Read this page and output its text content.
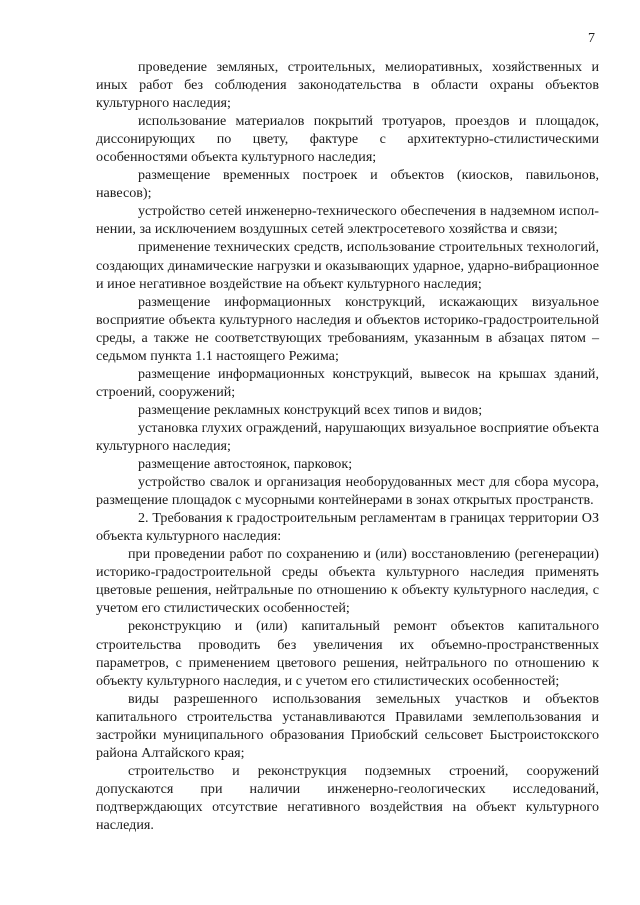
7

проведение земляных, строительных, мелиоративных, хозяйственных и иных работ без соблюдения законодательства в области охраны объектов культурного наследия;

использование материалов покрытий тротуаров, проездов и площадок, диссонирующих по цвету, фактуре с архитектурно-стилистическими особенностями объекта культурного наследия;

размещение временных построек и объектов (киосков, павильонов, навесов);

устройство сетей инженерно-технического обеспечения в надземном исполнении, за исключением воздушных сетей электросетевого хозяйства и связи;

применение технических средств, использование строительных технологий, создающих динамические нагрузки и оказывающих ударное, ударно-вибрационное и иное негативное воздействие на объект культурного наследия;

размещение информационных конструкций, искажающих визуальное восприятие объекта культурного наследия и объектов историко-градостроительной среды, а также не соответствующих требованиям, указанным в абзацах пятом – седьмом пункта 1.1 настоящего Режима;

размещение информационных конструкций, вывесок на крышах зданий, строений, сооружений;

размещение рекламных конструкций всех типов и видов;

установка глухих ограждений, нарушающих визуальное восприятие объекта культурного наследия;

размещение автостоянок, парковок;

устройство свалок и организация необорудованных мест для сбора мусора, размещение площадок с мусорными контейнерами в зонах открытых пространств.

2. Требования к градостроительным регламентам в границах территории ОЗ объекта культурного наследия:

при проведении работ по сохранению и (или) восстановлению (регенерации) историко-градостроительной среды объекта культурного наследия применять цветовые решения, нейтральные по отношению к объекту культурного наследия, с учетом его стилистических особенностей;

реконструкцию и (или) капитальный ремонт объектов капитального строительства проводить без увеличения их объемно-пространственных параметров, с применением цветового решения, нейтрального по отношению к объекту культурного наследия, и с учетом его стилистических особенностей;

виды разрешенного использования земельных участков и объектов капитального строительства устанавливаются Правилами землепользования и застройки муниципального образования Приобский сельсовет Быстроистокского района Алтайского края;

строительство и реконструкция подземных строений, сооружений допускаются при наличии инженерно-геологических исследований, подтверждающих отсутствие негативного воздействия на объект культурного наследия.
